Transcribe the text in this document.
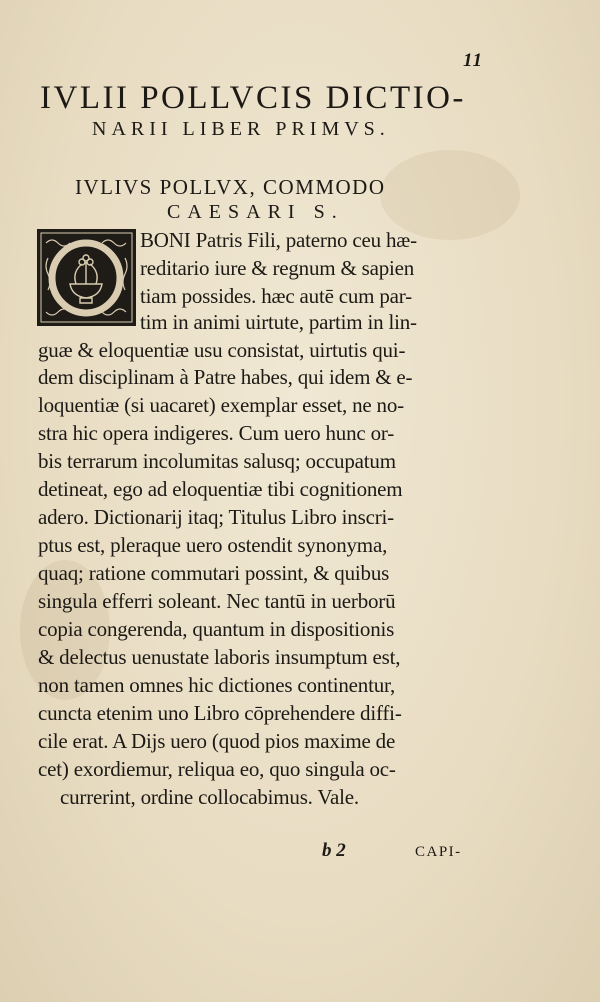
11
IVLII POLLVCIS DICTIO-
NARII LIBER PRIMVS.
IVLIVS POLLVX, COMMODO
CAESARI S.
BONI Patris Fili, paterno ceu hæ-
reditario iure & regnum & sapien
tiam possides. hæc autē cum par-
tim in animi uirtute, partim in lin-
guæ & eloquentiæ usu consistat, uirtutis qui-
dem disciplinam à Patre habes, qui idem & e-
loquentiæ (si uacaret) exemplar esset, ne no-
stra hic opera indigeres. Cum uero hunc or-
bis terrarum incolumitas salusq; occupatum
detineat, ego ad eloquentiæ tibi cognitionem
adero. Dictionarij itaq; Titulus Libro inscri-
ptus est, pleraque uero ostendit synonyma,
quaq; ratione commutari possint, & quibus
singula efferri soleant. Nec tantū in uerborū
copia congerenda, quantum in dispositionis
& delectus uenustate laboris insumptum est,
non tamen omnes hic dictiones continentur,
cuncta etenim uno Libro cōprehendere diffi-
cile erat. A Dijs uero (quod pios maxime de
cet) exordiemur, reliqua eo, quo singula oc-
currerint, ordine collocabimus. Vale.
b 2	CAPI-
